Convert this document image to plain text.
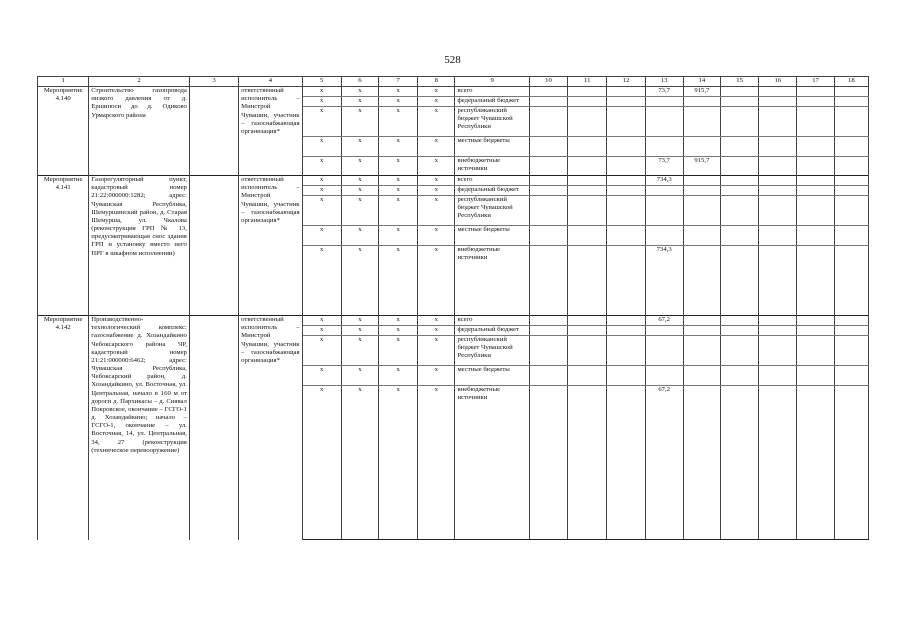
528
1	2	3	4	5	6	7	8	9	10	11	12	13	14	15	16	17	18
Мероприятие 4.140	Строительство газопровода низкого давления от д. Ершипоси до д. Одиково Урмарского района		ответственный исполнитель – Минстрой Чувашии, участник – газоснабжающая организация*	x	x	x	x	всего				73,7	915,7				
				x	x	x	x	федеральный бюджет									
				x	x	x	x	республиканский бюджет Чувашской Республики									
				x	x	x	x	местные бюджеты									
				x	x	x	x	внебюджетные источники				73,7	915,7				
Мероприятие 4.141	Газорегуляторный пункт, кадастровый номер 21:22:000000:1282; адрес: Чувашская Республика, Шемуршинский район, д. Старая Шемурша, ул. Чкалова (реконструкция ГРП № 13, предусматривающая снос здания ГРП и установку вместо него ПРГ в шкафном исполнении)		ответственный исполнитель – Минстрой Чувашии, участник – газоснабжающая организация*	x	x	x	x	всего				734,3					
				x	x	x	x	федеральный бюджет									
				x	x	x	x	республиканский бюджет Чувашской Республики									
				x	x	x	x	местные бюджеты									
				x	x	x	x	внебюджетные источники				734,3					
Мероприятие 4.142	Производственно-технологический комплекс: газоснабжение д. Хозандайкино Чебоксарского района ЧР, кадастровый номер 21:21:000000:6462; адрес: Чувашская Республика, Чебоксарский район, д. Хозандайкино, ул. Восточная, ул. Центральная, начало в 160 м от дороги д. Пархикасы – д. Сиявал Покровское, окончание – ГСГО-1 д. Хозандайкино; начало – ГСГО-1, окончание – ул. Восточная, 14, ул. Центральная, 34, 27 (реконструкция (техническое перевооружение)		ответственный исполнитель – Минстрой Чувашии, участник – газоснабжающая организация*	x	x	x	x	всего				67,2					
				x	x	x	x	федеральный бюджет									
				x	x	x	x	республиканский бюджет Чувашской Республики									
				x	x	x	x	местные бюджеты									
				x	x	x	x	внебюджетные источники				67,2					
